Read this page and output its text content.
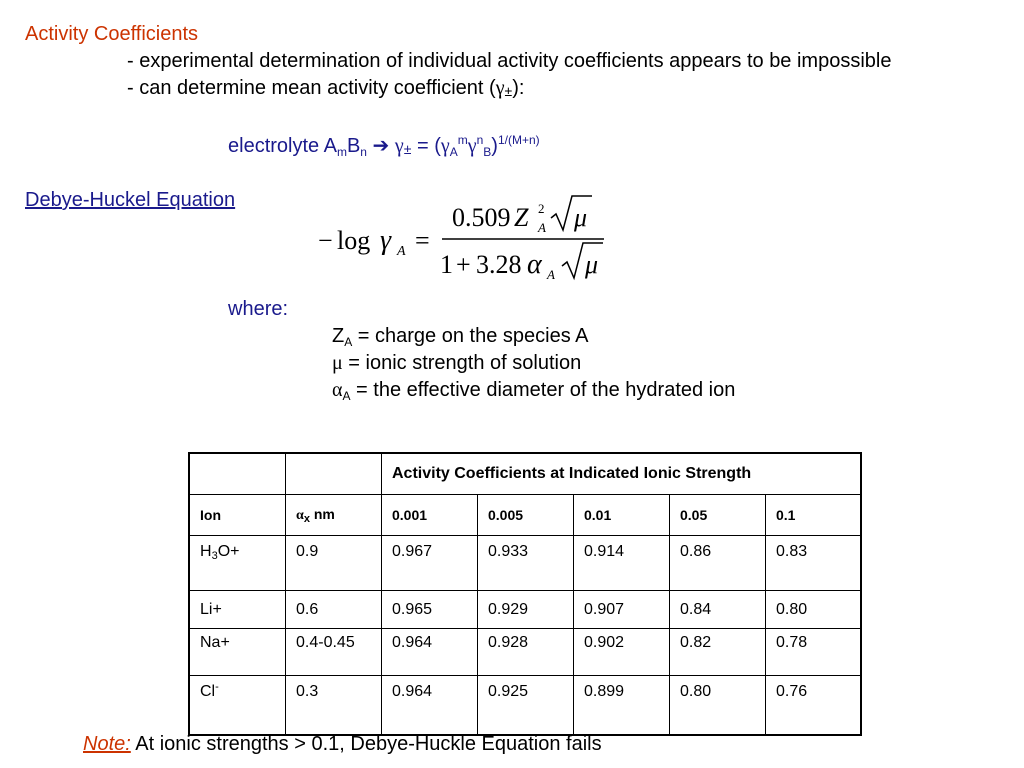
Activity Coefficients
- experimental determination of individual activity coefficients appears to be impossible
- can determine mean activity coefficient (γ±):
electrolyte $A_mB_n$ ➔ $\gamma\pm = (\gamma_A^m\gamma^n_B)^{1/(M+n)}$
Debye-Huckel Equation
− log γ A =
0.509 Z 2
A μ
1 + 3.28 α A μ
where:
$Z_A$ = charge on the species A
μ = ionic strength of solution
$\alpha_A$ = the effective diameter of the hydrated ion
		Activity Coefficients at Indicated Ionic Strength				
Ion	$\alpha_x$ nm	0.001	0.005	0.01	0.05	0.1
H3O+	0.9	0.967	0.933	0.914	0.86	0.83
Li+	0.6	0.965	0.929	0.907	0.84	0.80
Na+	0.4-0.45	0.964	0.928	0.902	0.82	0.78
Cl-	0.3	0.964	0.925	0.899	0.80	0.76
Note: At ionic strengths > 0.1, Debye-Huckle Equation fails
